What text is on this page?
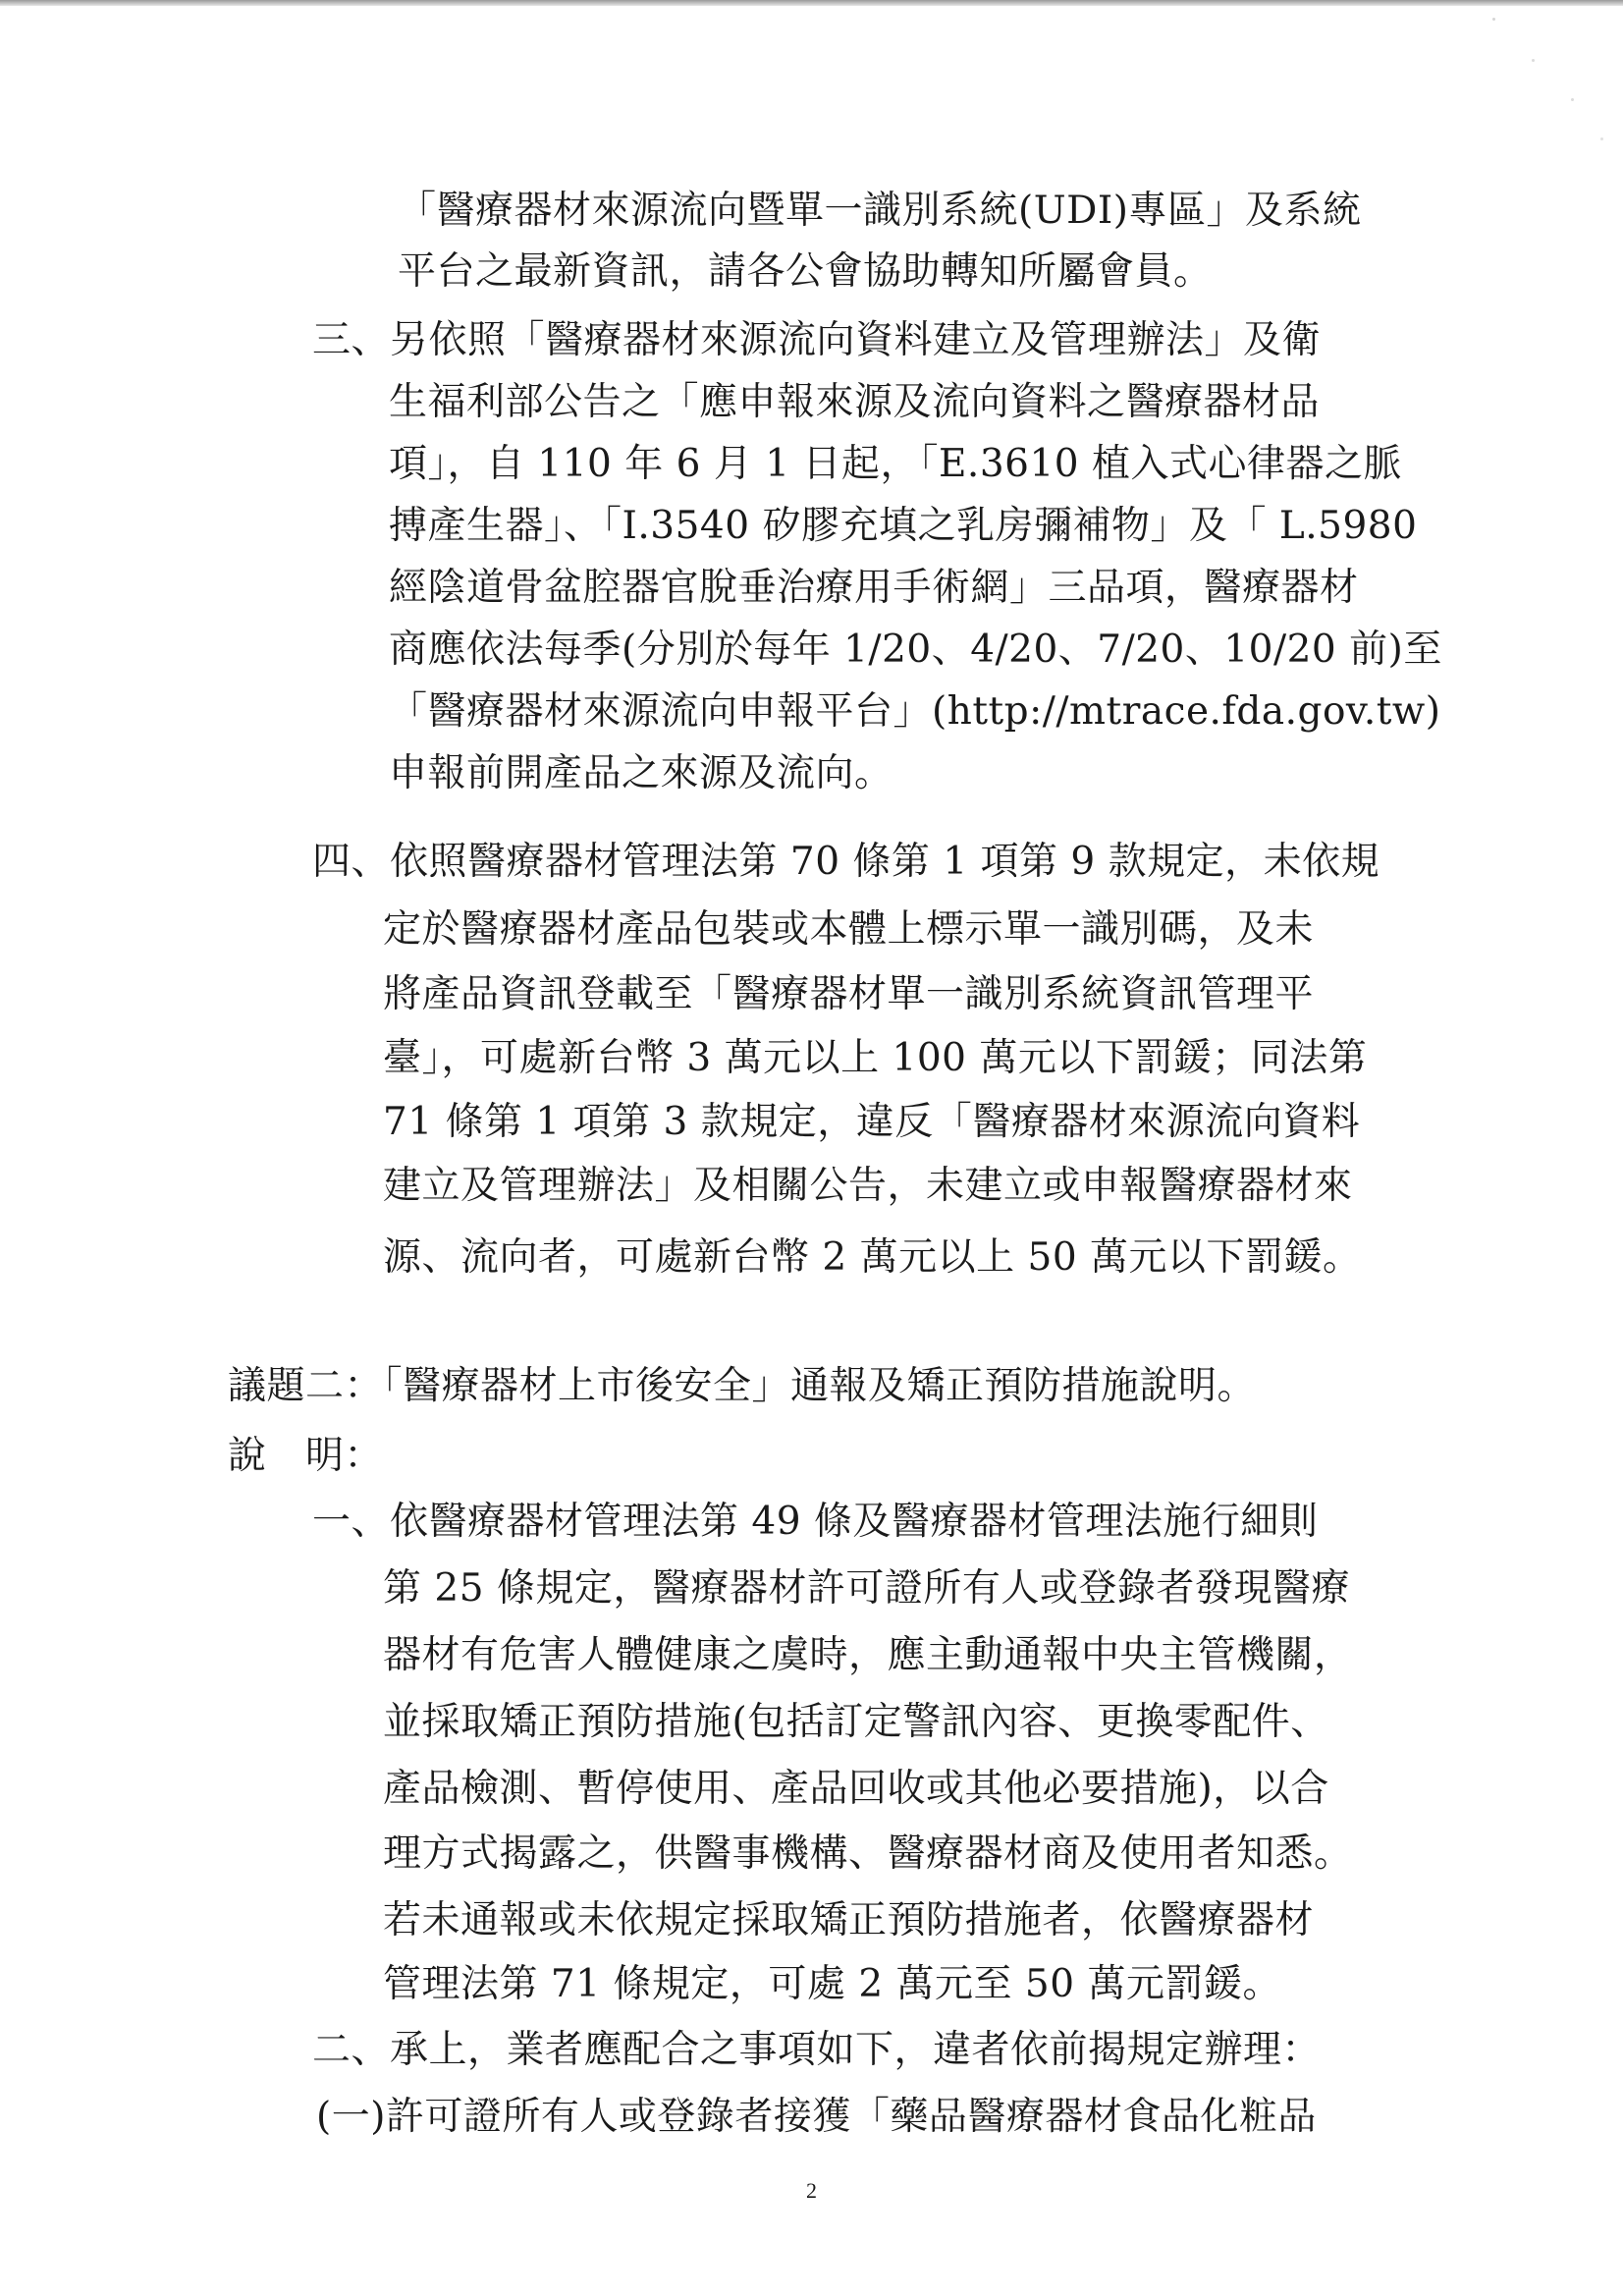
「醫療器材來源流向暨單一識別系統(UDI)專區」及系統
平台之最新資訊，請各公會協助轉知所屬會員。
三、另依照「醫療器材來源流向資料建立及管理辦法」及衛
生福利部公告之「應申報來源及流向資料之醫療器材品
項」，自 110 年 6 月 1 日起，「E.3610 植入式心律器之脈
搏產生器」、「I.3540 矽膠充填之乳房彌補物」及「 L.5980
經陰道骨盆腔器官脫垂治療用手術網」三品項，醫療器材
商應依法每季(分別於每年 1/20、4/20、7/20、10/20 前)至
「醫療器材來源流向申報平台」(http://mtrace.fda.gov.tw)
申報前開產品之來源及流向。
四、依照醫療器材管理法第 70 條第 1 項第 9 款規定，未依規
定於醫療器材產品包裝或本體上標示單一識別碼，及未
將產品資訊登載至「醫療器材單一識別系統資訊管理平
臺」，可處新台幣 3 萬元以上 100 萬元以下罰鍰；同法第
71 條第 1 項第 3 款規定，違反「醫療器材來源流向資料
建立及管理辦法」及相關公告，未建立或申報醫療器材來
源、流向者，可處新台幣 2 萬元以上 50 萬元以下罰鍰。
議題二：「醫療器材上市後安全」通報及矯正預防措施說明。
說　明：
一、依醫療器材管理法第 49 條及醫療器材管理法施行細則
第 25 條規定，醫療器材許可證所有人或登錄者發現醫療
器材有危害人體健康之虞時，應主動通報中央主管機關，
並採取矯正預防措施(包括訂定警訊內容、更換零配件、
產品檢測、暫停使用、產品回收或其他必要措施)，以合
理方式揭露之，供醫事機構、醫療器材商及使用者知悉。
若未通報或未依規定採取矯正預防措施者，依醫療器材
管理法第 71 條規定，可處 2 萬元至 50 萬元罰鍰。
二、承上，業者應配合之事項如下，違者依前揭規定辦理：
(一)許可證所有人或登錄者接獲「藥品醫療器材食品化粧品
2
